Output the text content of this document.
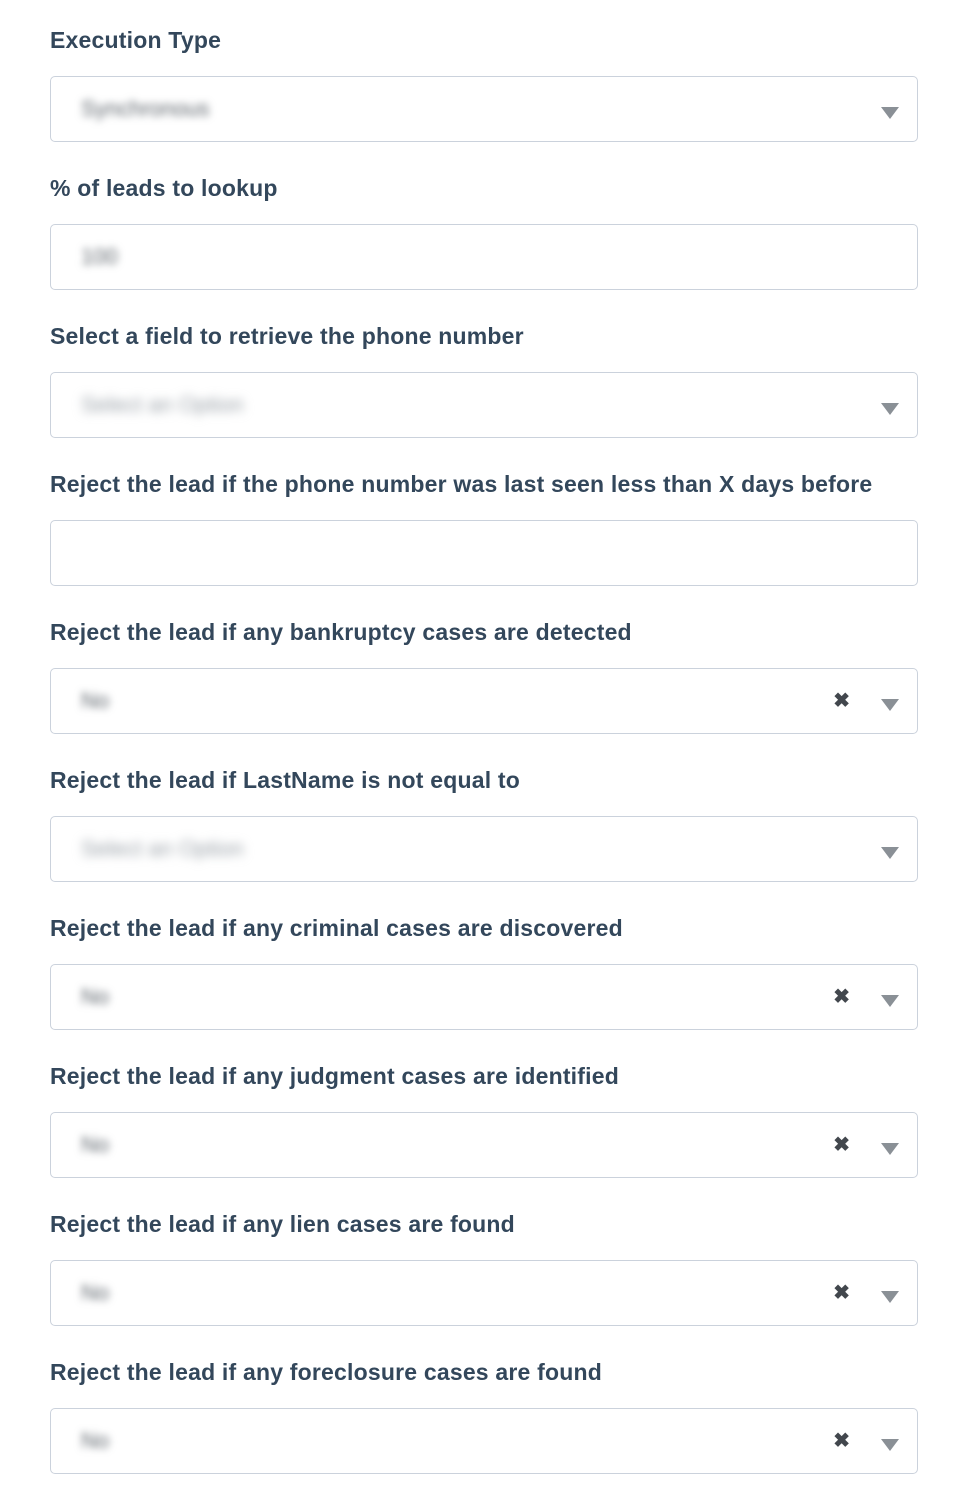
Execution Type
Synchronous
% of leads to lookup
100
Select a field to retrieve the phone number
Select an Option
Reject the lead if the phone number was last seen less than X days before
Reject the lead if any bankruptcy cases are detected
No	✖
Reject the lead if LastName is not equal to
Select an Option
Reject the lead if any criminal cases are discovered
No	✖
Reject the lead if any judgment cases are identified
No	✖
Reject the lead if any lien cases are found
No	✖
Reject the lead if any foreclosure cases are found
No	✖
